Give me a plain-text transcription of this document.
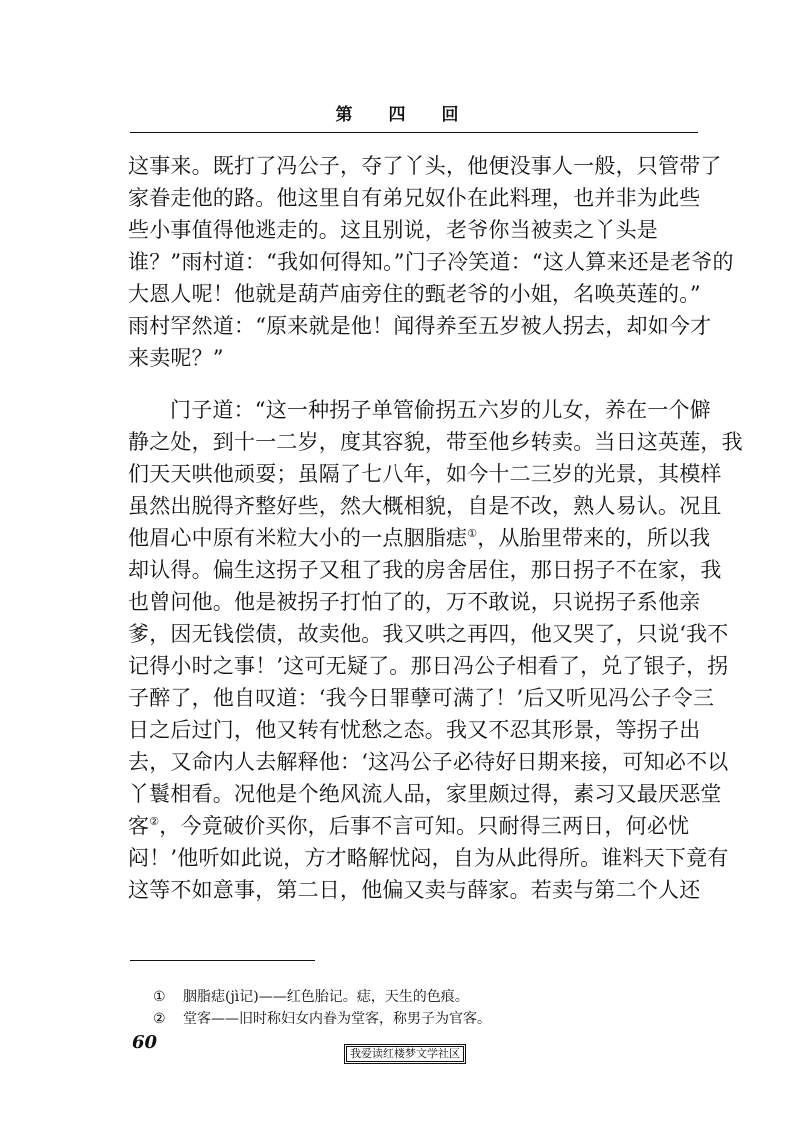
第四回
这事来。既打了冯公子，夺了丫头，他便没事人一般，只管带了
家眷走他的路。他这里自有弟兄奴仆在此料理，也并非为此些
些小事值得他逃走的。这且别说，老爷你当被卖之丫头是
谁？”雨村道：“我如何得知。”门子冷笑道：“这人算来还是老爷的
大恩人呢！他就是葫芦庙旁住的甄老爷的小姐，名唤英莲的。”
雨村罕然道：“原来就是他！闻得养至五岁被人拐去，却如今才
来卖呢？”
门子道：“这一种拐子单管偷拐五六岁的儿女，养在一个僻
静之处，到十一二岁，度其容貌，带至他乡转卖。当日这英莲，我
们天天哄他顽耍；虽隔了七八年，如今十二三岁的光景，其模样
虽然出脱得齐整好些，然大概相貌，自是不改，熟人易认。况且
他眉心中原有米粒大小的一点胭脂痣①，从胎里带来的，所以我
却认得。偏生这拐子又租了我的房舍居住，那日拐子不在家，我
也曾问他。他是被拐子打怕了的，万不敢说，只说拐子系他亲
爹，因无钱偿债，故卖他。我又哄之再四，他又哭了，只说‘我不
记得小时之事！’这可无疑了。那日冯公子相看了，兑了银子，拐
子醉了，他自叹道：‘我今日罪孽可满了！’后又听见冯公子令三
日之后过门，他又转有忧愁之态。我又不忍其形景，等拐子出
去，又命内人去解释他：‘这冯公子必待好日期来接，可知必不以
丫鬟相看。况他是个绝风流人品，家里颇过得，素习又最厌恶堂
客②，今竟破价买你，后事不言可知。只耐得三两日，何必忧
闷！’他听如此说，方才略解忧闷，自为从此得所。谁料天下竟有
这等不如意事，第二日，他偏又卖与薛家。若卖与第二个人还
① 胭脂痣(jì记)——红色胎记。痣，天生的色痕。
② 堂客——旧时称妇女内眷为堂客，称男子为官客。
60
我爱读红楼梦文学社区
